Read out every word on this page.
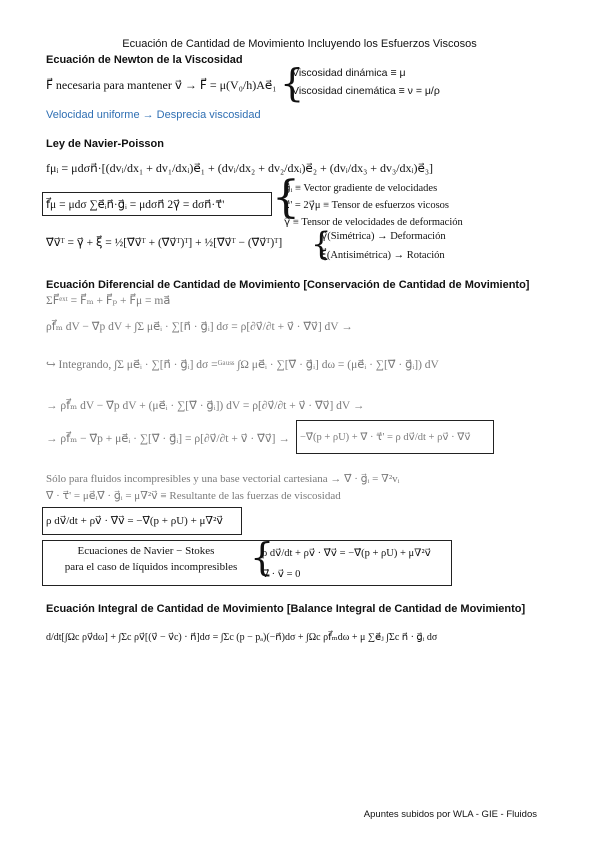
Ecuación de Cantidad de Movimiento Incluyendo los Esfuerzos Viscosos
Ecuación de Newton de la Viscosidad
F⃗ necesaria para mantener v⃗ → F⃗ = μ(V₀/h)Ae⃗₁ {
Viscosidad dinámica ≡ μ
Viscosidad cinemática ≡ ν = μ/ρ
Velocidad uniforme → Desprecia viscosidad
Ley de Navier-Poisson
fμᵢ = μdσn⃗·[(dvᵢ/dx₁ + dv₁/dxᵢ)e⃗₁ + (dvᵢ/dx₂ + dv₂/dxᵢ)e⃗₂ + (dvᵢ/dx₃ + dv₃/dxᵢ)e⃗₃]
f⃗μ = μdσ ∑e⃗ᵢn⃗·g⃗ᵢ = μdσn⃗ 2γ⃗ = dσn⃗·τ⃗' {
g⃗ᵢ ≡ Vector gradiente de velocidades
τ⃗' = 2γ⃗μ ≡ Tensor de esfuerzos vicosos
γ⃗ ≡ Tensor de velocidades de deformación
∇⃗v⃗ᵀ = γ⃗ + ξ⃗ = ½[∇⃗v⃗ᵀ + (∇⃗v⃗ᵀ)ᵀ] + ½[∇⃗v⃗ᵀ − (∇⃗v⃗ᵀ)ᵀ] {
γ⃗(Simétrica) → Deformación
ξ⃗(Antisimétrica) → Rotación
Ecuación Diferencial de Cantidad de Movimiento [Conservación de Cantidad de Movimiento]
ΣF⃗ᵉˣᵗ = F⃗ₘ + F⃗ₚ + F⃗μ = ma⃗
ρf⃗ₘ dV − ∇⃗p dV + ∫Σ μe⃗ᵢ · ∑[n⃗ · g⃗ᵢ] dσ = ρ[∂v⃗/∂t + v⃗ · ∇⃗v⃗] dV →
↪ Integrando, ∫Σ μe⃗ᵢ · ∑[n⃗ · g⃗ᵢ] dσ =ᴳᵃᵘˢˢ ∫Ω μe⃗ᵢ · ∑[∇⃗ · g⃗ᵢ] dω = (μe⃗ᵢ · ∑[∇⃗ · g⃗ᵢ]) dV
→ ρf⃗ₘ dV − ∇⃗p dV + (μe⃗ᵢ · ∑[∇⃗ · g⃗ᵢ]) dV = ρ[∂v⃗/∂t + v⃗ · ∇⃗v⃗] dV →
→ ρf⃗ₘ − ∇⃗p + μe⃗ᵢ · ∑[∇⃗ · g⃗ᵢ] = ρ[∂v⃗/∂t + v⃗ · ∇⃗v⃗] → −∇⃗(p + ρU) + ∇⃗ · τ⃗' = ρ dv⃗/dt + ρv⃗ · ∇⃗v⃗
Sólo para fluidos incompresibles y una base vectorial cartesiana → ∇⃗ · g⃗ᵢ = ∇²vᵢ
∇⃗ · τ⃗' = μe⃗ᵢ∇⃗ · g⃗ᵢ = μ∇²v⃗ ≡ Resultante de las fuerzas de viscosidad
ρ dv⃗/dt + ρv⃗ · ∇⃗v⃗ = −∇⃗(p + ρU) + μ∇²v⃗
Ecuaciones de Navier − Stokes
para el caso de líquidos incompresibles {
ρ dv⃗/dt + ρv⃗ · ∇⃗v⃗ = −∇⃗(p + ρU) + μ∇²v⃗
∇⃗ · v⃗ = 0
Ecuación Integral de Cantidad de Movimiento [Balance Integral de Cantidad de Movimiento]
d/dt[∫Ωc ρv⃗dω] + ∫Σc ρv⃗[(v⃗ − v⃗c) · n⃗]dσ = ∫Σc (p − pₐ)(−n⃗)dσ + ∫Ωc ρf⃗ₘdω + μ ∑e⃗ⱼ ∫Σc n⃗ · g⃗ᵢ dσ
Apuntes subidos por WLA - GIE - Fluidos
